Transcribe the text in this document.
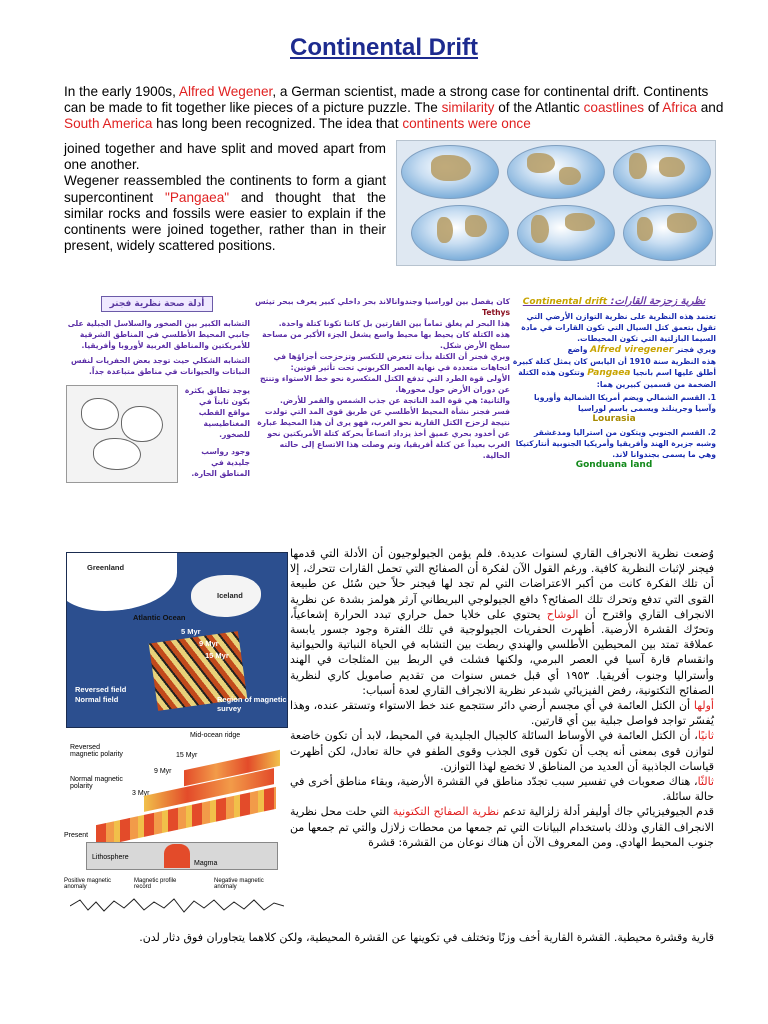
Continental Drift
In the early 1900s, Alfred Wegener, a German scientist, made a strong case for continental drift. Continents can be made to fit together like pieces of a picture puzzle. The similarity of the Atlantic coastlines of Africa and South America has long been recognized. The idea that continents were once
joined together and have split and moved apart from one another.
Wegener reassembled the continents to form a giant supercontinent "Pangaea" and thought that the similar rocks and fossils were easier to explain if the continents were joined together, rather than in their present, widely scattered positions.
أدلة صحة نظرية فجنر
التشابه الكبير بين الصخور والسلاسل الجبلية على جانبي المحيط الأطلسي في المناطق الشرقية للأمريكتين والمناطق الغربية لأوروبا وأفريقيا.
التشابه الشكلي حيث توجد بعض الحفريات لنفس النباتات والحيوانات في مناطق متباعدة جداً.
يوجد تطابق بكثرة بكون ثابتاً في مواقع القطب المغناطيسية للصخور.
وجود رواسب جليدية في المناطق الحارة.
كان يفصل بين لوراسيا وجندوانالاند بحر داخلي كبير يعرف ببحر تيثس
Tethys
هذا البحر لم يغلق تماماً بين القارتين بل كانتا تكونا كتلة واحدة.
هذه الكتلة كان يحيط بها محيط واسع يشغل الجزء الأكبر من مساحة سطح الأرض شكل.
وبري فجنر أن الكتلة بدأت تتعرض للتكسر وتزحزحت أجزاؤها في اتجاهات متعددة في نهاية العصر الكربوني تحت تأثير قوتين:
الأولى قوة الطرد التي تدفع الكتل المتكسرة نحو خط الاستواء وتنتج عن دوران الأرض حول محورها.
والثانية: هي قوة المد الناتجة عن جذب الشمس والقمر للأرض.
فسر فجنر نشأة المحيط الأطلسي عن طريق قوى المد التي تولدت نتيجة لزحزح الكتل القارية نحو الغرب، فهو يرى أن هذا المحيط عبارة عن أخدود بحري عميق أخذ يزداد اتساعاً بحركة كتلة الأمريكتين نحو الغرب بعيداً عن كتلة أفريقيا، وتم وصلت هذا الاتساع إلى حالته الحالية.
نظرية زحزحة القارات: Continental drift
تعتمد هذه النظرية على نظرية التوازن الأرضي التي تقول بتعمق كتل السيال التي تكون القارات في مادة السيما البازلتية التي تكون المحيطات.
ويري فجنر Alfred viregener واضع
هذه النظرية سنة 1910 أن اليابس كان يمثل كتلة كبيرة أطلق عليها اسم بانجيا Pangaea وتتكون هذه الكتلة الضخمة من قسمين كبيرين هما:
1. القسم الشمالي ويضم أمريكا الشمالية وأوروبا وآسيا وجرينلند ويسمى باسم لوراسيا
Lourasia
2. القسم الجنوبي ويتكون من استراليا ومدغشقر وشبه جزيرة الهند وأفريقيا وأمريكيا الجنوبية أنتاركتيكا وهي ما يسمى بجندوانا لاند.
Gonduana land
Greenland
Iceland
Atlantic Ocean
Reversed field
Normal field	Region of magnetic survey
15 Myr
9 Myr
5 Myr
Mid-ocean ridge
Reversed magnetic polarity
Normal magnetic polarity
15 Myr
9 Myr
3 Myr
Lithosphere
Magma
Present
Positive magnetic anomaly
Magnetic profile record
Negative magnetic anomaly

وُضعت نظرية الانجراف القاري لسنوات عديدة. فلم يؤمن الجيولوجيون أن الأدلة التي قدمها فيجنر لإثبات النظرية كافية. ورغم القول الآن لفكرة أن الصفائح التي تحمل القارات تتحرك، إلا أن تلك الفكرة كانت من أكبر الاعتراضات التي لم تجد لها فيجنر حلاً حين سُئل عن طبيعة القوى التي تدفع وتحرك تلك الصفائح؟ دافع الجيولوجي البريطاني آرثر هولمز بشدة عن نظرية الانجراف القاري واقترح أن الوشاح يحتوي على خلايا حمل حراري تبدد الحرارة إشعاعياً، وتحرّك القشرة الأرضية. أظهرت الحفريات الجيولوجية في تلك الفترة وجود جسور يابسة عملاقة تمتد بين المحيطين الأطلسي والهندي ربطت بين التشابه في الحياة النباتية والحيوانية وانقسام قارة آسيا في العصر البرمي، ولكنها فشلت في الربط بين المثلجات في الهند وأستراليا وجنوب أفريقيا. ١٩٥٣ أي قبل خمس سنوات من تقديم صامويل كاري لنظرية الصفائح التكتونية، رفض الفيزيائي شبدعر نظرية الانجراف القاري لعدة أسباب:

أولها أن الكتل العائمة في أي مجسم أرضي دائر ستتجمع عند خط الاستواء وتستقر عنده، وهذا يُفسّر تواجد فواصل جبلية بين أي قارتين.

ثانيًا، أن الكتل العائمة في الأوساط السائلة كالجبال الجليدية في المحيط، لابد أن تكون خاضعة لتوازن قوى بمعنى أنه يجب أن تكون قوى الجذب وقوى الطفو في حالة تعادل، لكن أظهرت قياسات الجاذبية أن العديد من المناطق لا تخضع لهذا التوازن.

ثالثًا، هناك صعوبات في تفسير سبب تجدّد مناطق في القشرة الأرضية، وبقاء مناطق أخرى في حالة سائلة.

قدم الجيوفيزيائي جاك أوليفر أدلة زلزالية تدعم نظرية الصفائح التكتونية التي حلت محل نظرية الانجراف القاري وذلك باستخدام البيانات التي تم جمعها من محطات زلازل والتي تم جمعها من جنوب المحيط الهادي. ومن المعروف الآن أن هناك نوعان من القشرة: قشرة

قارية وقشرة محيطية. القشرة القارية أخف وزنًا وتختلف في تكوينها عن القشرة المحيطية، ولكن كلاهما يتجاوران فوق دثار لدن.
